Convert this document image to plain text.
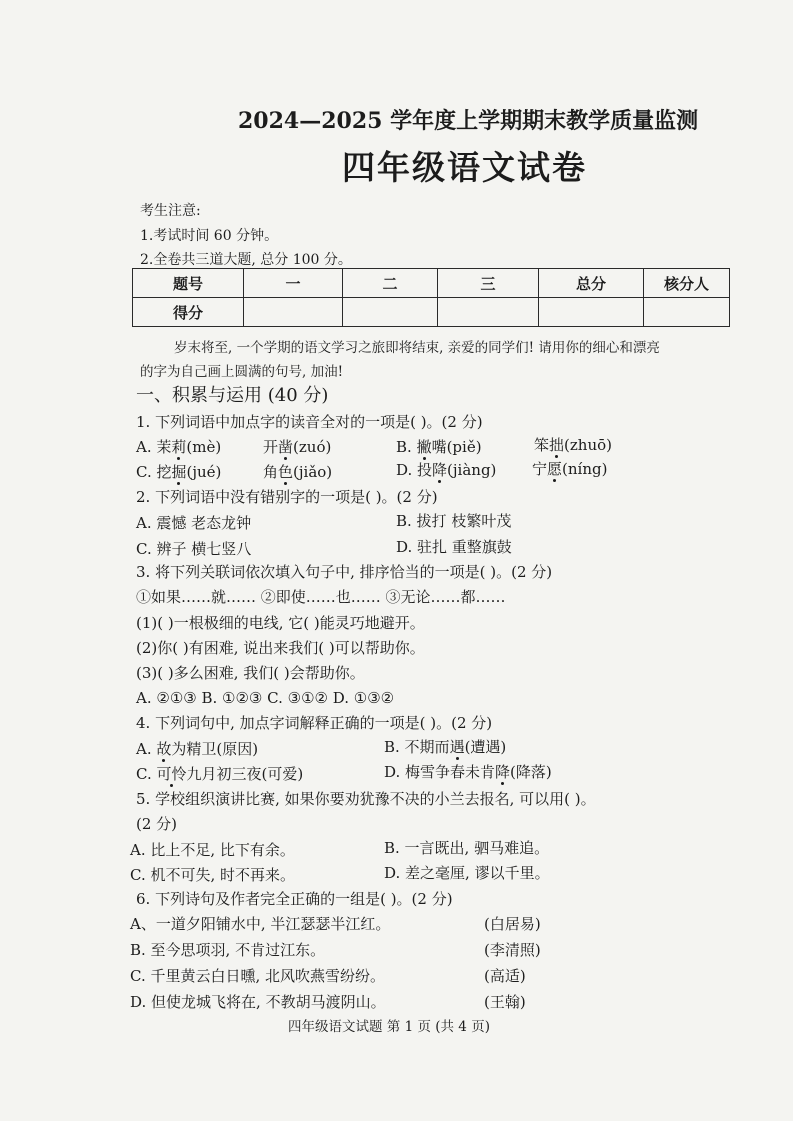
2024—2025 学年度上学期期末教学质量监测
四年级语文试卷
考生注意:
1.考试时间 60 分钟。
2.全卷共三道大题, 总分 100 分。
题号	一	二	三	总分	核分人
得分					
岁末将至, 一个学期的语文学习之旅即将结束, 亲爱的同学们! 请用你的细心和漂亮
的字为自己画上圆满的句号, 加油!
一、积累与运用 (40 分)
1. 下列词语中加点字的读音全对的一项是( )。(2 分)
A. 茉莉(mè)	开凿(zuó)	B. 撇嘴(piě)	笨拙(zhuō)
C. 挖掘(jué)	角色(jiǎo)	D. 投降(jiàng) 宁愿(níng)
2. 下列词语中没有错别字的一项是( )。(2 分)
A. 震憾 老态龙钟	B. 拔打 枝繁叶茂
C. 辨子 横七竖八	D. 驻扎 重整旗鼓
3. 将下列关联词依次填入句子中, 排序恰当的一项是( )。(2 分)
①如果……就…… ②即使……也…… ③无论……都……
(1)( )一根极细的电线, 它( )能灵巧地避开。
(2)你( )有困难, 说出来我们( )可以帮助你。
(3)( )多么困难, 我们( )会帮助你。
A. ②①③ B. ①②③ C. ③①② D. ①③②
4. 下列词句中, 加点字词解释正确的一项是( )。(2 分)
A. 故为精卫(原因)	B. 不期而遇(遭遇)
C. 可怜九月初三夜(可爱)	D. 梅雪争春未肯降(降落)
5. 学校组织演讲比赛, 如果你要劝犹豫不决的小兰去报名, 可以用( )。
(2 分)
A. 比上不足, 比下有余。	B. 一言既出, 驷马难追。
C. 机不可失, 时不再来。	D. 差之毫厘, 谬以千里。
6. 下列诗句及作者完全正确的一组是( )。(2 分)
A、一道夕阳铺水中, 半江瑟瑟半江红。	(白居易)
B. 至今思项羽, 不肯过江东。	(李清照)
C. 千里黄云白日曛, 北风吹燕雪纷纷。	(高适)
D. 但使龙城飞将在, 不教胡马渡阴山。	(王翰)
四年级语文试题 第 1 页 (共 4 页)
